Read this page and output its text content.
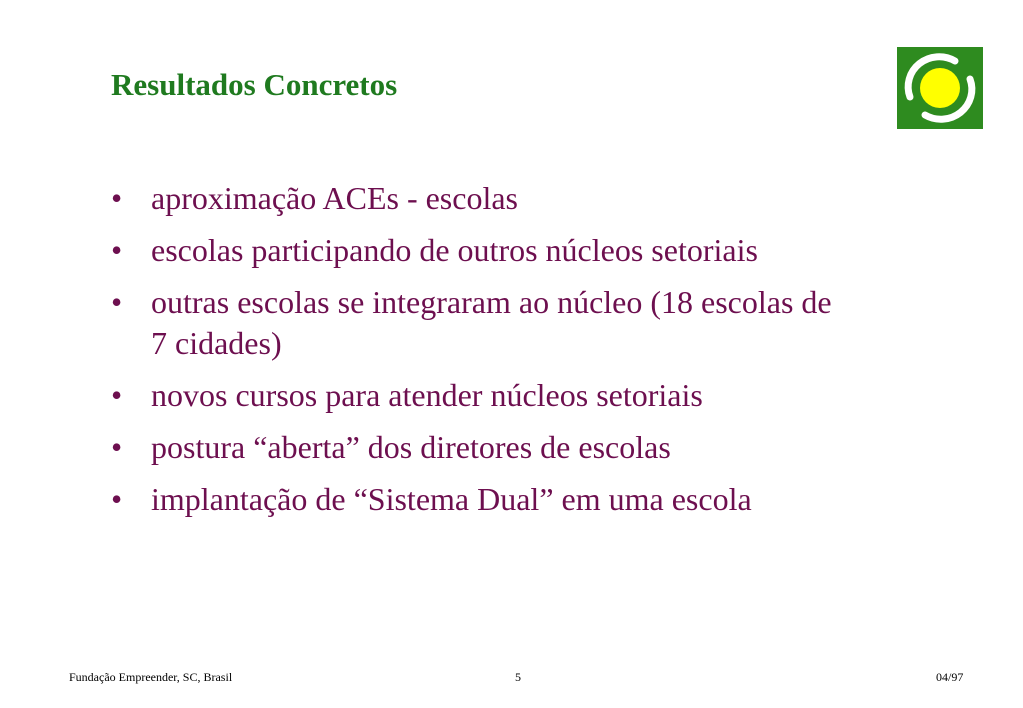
Resultados Concretos
• aproximação ACEs - escolas
• escolas participando de outros núcleos setoriais
• outras escolas se integraram ao núcleo (18 escolas de 7 cidades)
• novos cursos para atender núcleos setoriais
• postura “aberta” dos diretores de escolas
• implantação de “Sistema Dual” em uma escola
Fundação Empreender, SC, Brasil	5	04/97
